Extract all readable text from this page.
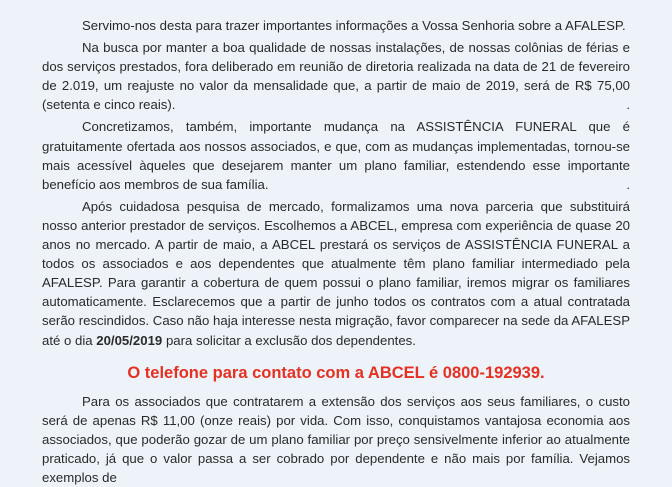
Servimo-nos desta para trazer importantes informações a Vossa Senhoria sobre a AFALESP.

Na busca por manter a boa qualidade de nossas instalações, de nossas colônias de férias e dos serviços prestados, fora deliberado em reunião de diretoria realizada na data de 21 de fevereiro de 2.019, um reajuste no valor da mensalidade que, a partir de maio de 2019, será de R$ 75,00 (setenta e cinco reais).	.

Concretizamos, também, importante mudança na ASSISTÊNCIA FUNERAL que é gratuitamente ofertada aos nossos associados, e que, com as mudanças implementadas, tornou-se mais acessível àqueles que desejarem manter um plano familiar, estendendo esse importante benefício aos membros de sua família.	.

Após cuidadosa pesquisa de mercado, formalizamos uma nova parceria que substituirá nosso anterior prestador de serviços. Escolhemos a ABCEL, empresa com experiência de quase 20 anos no mercado. A partir de maio, a ABCEL prestará os serviços de ASSISTÊNCIA FUNERAL a todos os associados e aos dependentes que atualmente têm plano familiar intermediado pela AFALESP. Para garantir a cobertura de quem possui o plano familiar, iremos migrar os familiares automaticamente. Esclarecemos que a partir de junho todos os contratos com a atual contratada serão rescindidos. Caso não haja interesse nesta migração, favor comparecer na sede da AFALESP até o dia 20/05/2019 para solicitar a exclusão dos dependentes.

O telefone para contato com a ABCEL é 0800-192939.

Para os associados que contratarem a extensão dos serviços aos seus familiares, o custo será de apenas R$ 11,00 (onze reais) por vida. Com isso, conquistamos vantajosa economia aos associados, que poderão gozar de um plano familiar por preço sensivelmente inferior ao atualmente praticado, já que o valor passa a ser cobrado por dependente e não mais por família. Vejamos exemplos de
